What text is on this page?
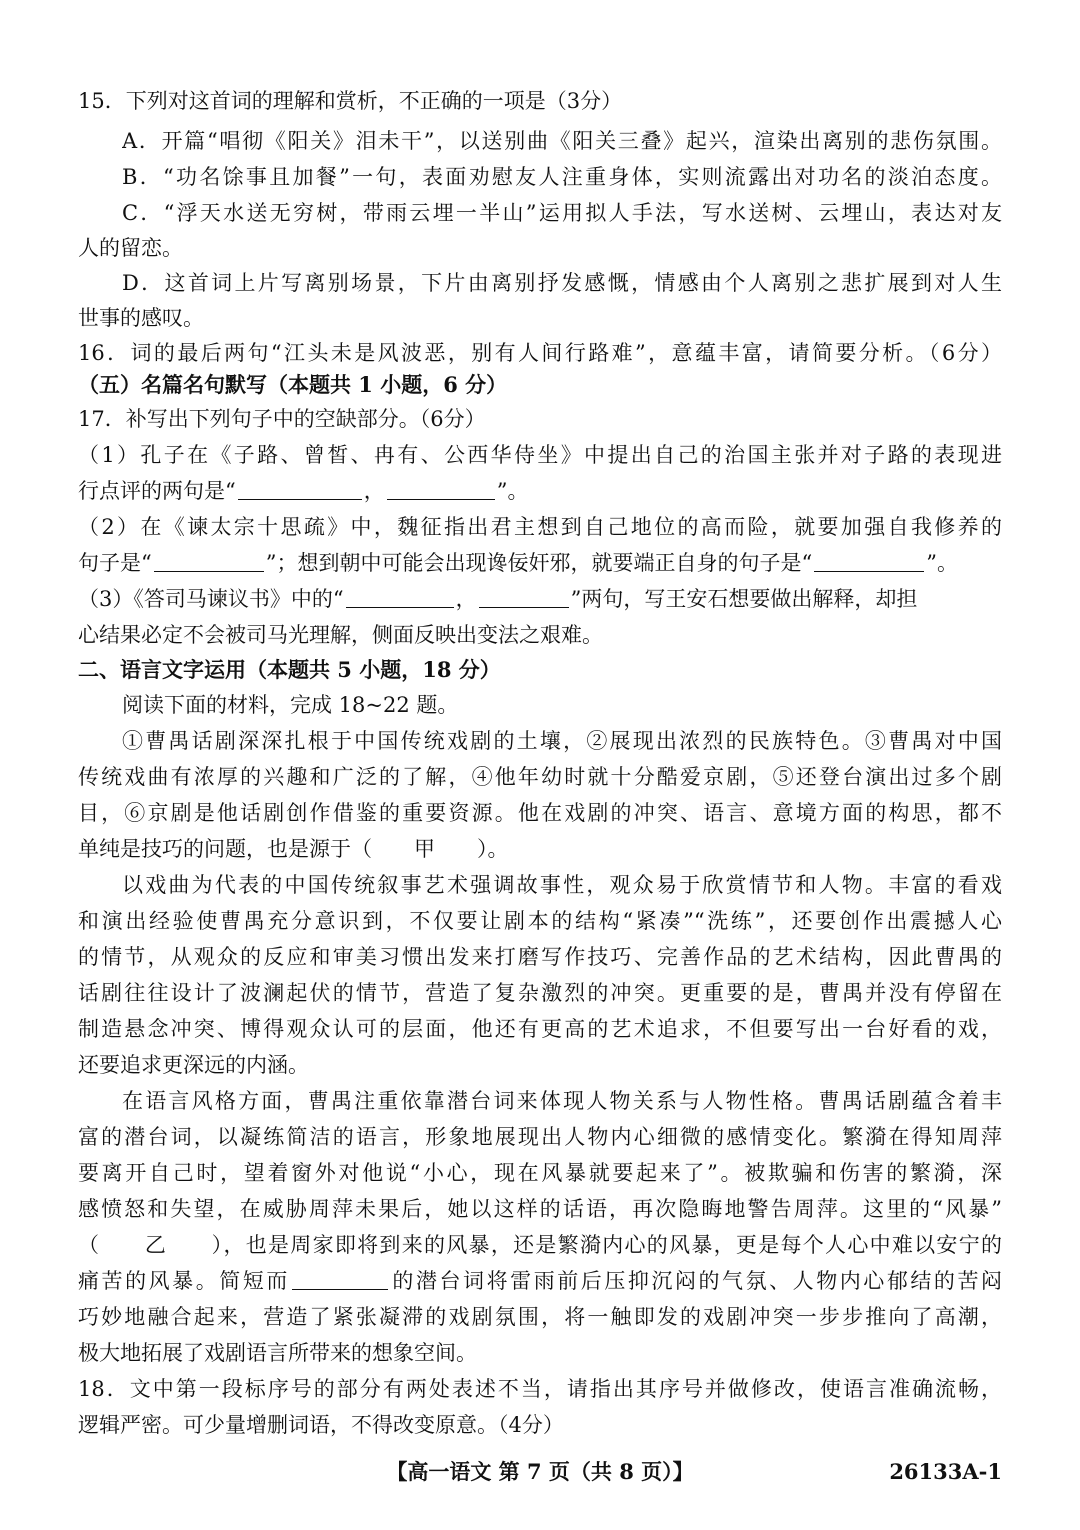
15．下列对这首词的理解和赏析，不正确的一项是（3分）
A．开篇“唱彻《阳关》泪未干”，以送别曲《阳关三叠》起兴，渲染出离别的悲伤氛围。
B．“功名馀事且加餐”一句，表面劝慰友人注重身体，实则流露出对功名的淡泊态度。
C．“浮天水送无穷树，带雨云埋一半山”运用拟人手法，写水送树、云埋山，表达对友
人的留恋。
D．这首词上片写离别场景，下片由离别抒发感慨，情感由个人离别之悲扩展到对人生
世事的感叹。
16．词的最后两句“江头未是风波恶，别有人间行路难”，意蕴丰富，请简要分析。（6分）
（五）名篇名句默写（本题共 1 小题，6 分）
17．补写出下列句子中的空缺部分。（6分）
（1）孔子在《子路、曾皙、冉有、公西华侍坐》中提出自己的治国主张并对子路的表现进
行点评的两句是“	，	”。
（2）在《谏太宗十思疏》中，魏征指出君主想到自己地位的高而险，就要加强自我修养的
句子是“	”；想到朝中可能会出现谗佞奸邪，就要端正自身的句子是“	”。
（3）《答司马谏议书》中的“	，	”两句，写王安石想要做出解释，却担
心结果必定不会被司马光理解，侧面反映出变法之艰难。
二、语言文字运用（本题共 5 小题，18 分）
阅读下面的材料，完成 18~22 题。
①曹禺话剧深深扎根于中国传统戏剧的土壤，②展现出浓烈的民族特色。③曹禺对中国
传统戏曲有浓厚的兴趣和广泛的了解，④他年幼时就十分酷爱京剧，⑤还登台演出过多个剧
目，⑥京剧是他话剧创作借鉴的重要资源。他在戏剧的冲突、语言、意境方面的构思，都不
单纯是技巧的问题，也是源于（　　甲　　）。
以戏曲为代表的中国传统叙事艺术强调故事性，观众易于欣赏情节和人物。丰富的看戏
和演出经验使曹禺充分意识到，不仅要让剧本的结构“紧凑”“洗练”，还要创作出震撼人心
的情节，从观众的反应和审美习惯出发来打磨写作技巧、完善作品的艺术结构，因此曹禺的
话剧往往设计了波澜起伏的情节，营造了复杂激烈的冲突。更重要的是，曹禺并没有停留在
制造悬念冲突、博得观众认可的层面，他还有更高的艺术追求，不但要写出一台好看的戏，
还要追求更深远的内涵。
在语言风格方面，曹禺注重依靠潜台词来体现人物关系与人物性格。曹禺话剧蕴含着丰
富的潜台词，以凝练简洁的语言，形象地展现出人物内心细微的感情变化。繁漪在得知周萍
要离开自己时，望着窗外对他说“小心，现在风暴就要起来了”。被欺骗和伤害的繁漪，深
感愤怒和失望，在威胁周萍未果后，她以这样的话语，再次隐晦地警告周萍。这里的“风暴”
（　　乙　　），也是周家即将到来的风暴，还是繁漪内心的风暴，更是每个人心中难以安宁的
痛苦的风暴。简短而	的潜台词将雷雨前后压抑沉闷的气氛、人物内心郁结的苦闷
巧妙地融合起来，营造了紧张凝滞的戏剧氛围，将一触即发的戏剧冲突一步步推向了高潮，
极大地拓展了戏剧语言所带来的想象空间。
18．文中第一段标序号的部分有两处表述不当，请指出其序号并做修改，使语言准确流畅，
逻辑严密。可少量增删词语，不得改变原意。（4分）
【高一语文 第 7 页（共 8 页）】	26133A-1
